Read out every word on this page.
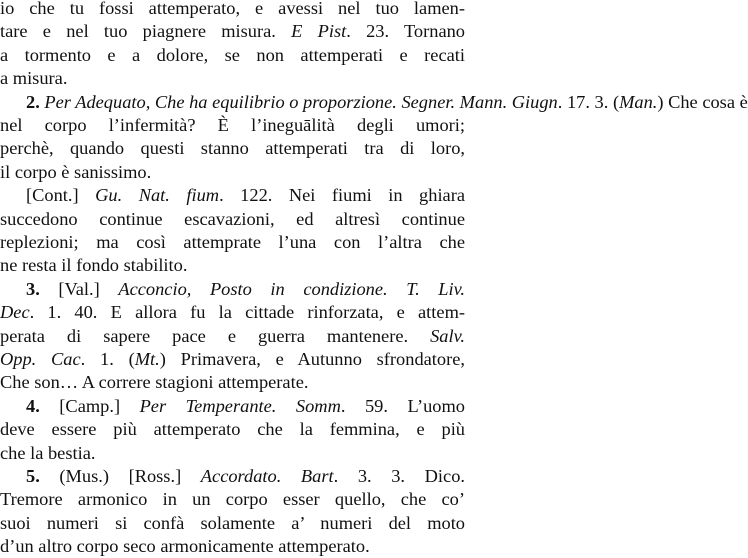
io che tu fossi attemperato, e avessi nel tuo lamen-
tare e nel tuo piagnere misura. E Pist. 23. Tornano
a tormento e a dolore, se non attemperati e recati
a misura.
2. Per Adequato, Che ha equilibrio o proporzione. Segner. Mann. Giugn. 17. 3. (Man.) Che cosa è
nel corpo l’infermità? È l’ineguālità degli umori;
perchè, quando questi stanno attemperati tra di loro,
il corpo è sanissimo.
[Cont.] Gu. Nat. fium. 122. Nei fiumi in ghiara
succedono continue escavazioni, ed altresì continue
replezioni; ma così attemprate l’una con l’altra che
ne resta il fondo stabilito.
3. [Val.] Acconcio, Posto in condizione. T. Liv.
Dec. 1. 40. E allora fu la cittade rinforzata, e attem-
perata di sapere pace e guerra mantenere. Salv.
Opp. Cac. 1. (Mt.) Primavera, e Autunno sfrondatore,
Che son… A correre stagioni attemperate.
4. [Camp.] Per Temperante. Somm. 59. L’uomo
deve essere più attemperato che la femmina, e più
che la bestia.
5. (Mus.) [Ross.] Accordato. Bart. 3. 3. Dico.
Tremore armonico in un corpo esser quello, che co’
suoi numeri si confà solamente a’ numeri del moto
d’un altro corpo seco armonicamente attemperato.
